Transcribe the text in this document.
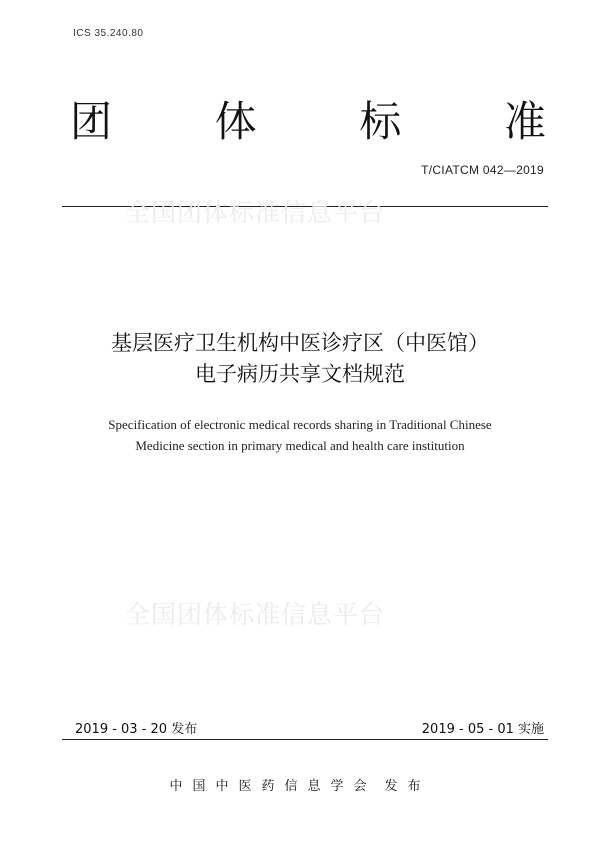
ICS 35.240.80
团 体 标 准
T/CIATCM 042—2019
全国团体标准信息平台
全国团体标准信息平台
基层医疗卫生机构中医诊疗区（中医馆）
电子病历共享文档规范
Specification of electronic medical records sharing in Traditional Chinese
Medicine section in primary medical and health care institution
2019 - 03 - 20 发布	2019 - 05 - 01 实施
中国中医药信息学会 发布
